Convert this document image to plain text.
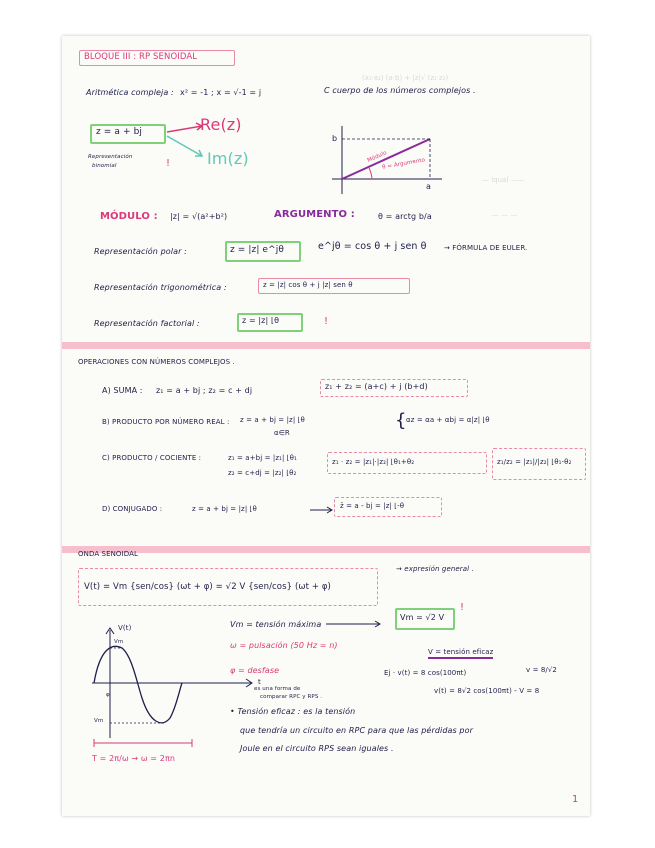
(x₁·x₂) (a·b) + |z|√ (z₁·z₂)
— lqual ——
— — —
BLOQUE III : RP SENOIDAL
Aritmética compleja : x² = -1 ; x = √-1 = j	C cuerpo de los números complejos .
z = a + bj	Re(z)
Im(z)
Representación
binomial	!
b
a
Módulo
θ = Argumento
MÓDULO : |z| = √(a²+b²)	ARGUMENTO :	θ = arctg b/a
Representación polar :	z = |z| e^jθ	e^jθ = cos θ + j sen θ → FÓRMULA DE EULER.
Representación trigonométrica :	z = |z| cos θ + j |z| sen θ
Representación factorial :	z = |z| ⌊θ	!
OPERACIONES CON NÚMEROS COMPLEJOS .
A) SUMA : z₁ = a + bj ; z₂ = c + dj	z₁ + z₂ = (a+c) + j (b+d)
B) PRODUCTO POR NÚMERO REAL : z = a + bj = |z| ⌊θ
α∈R
{ αz = αa + αbj = α|z| ⌊θ
C) PRODUCTO / COCIENTE :	z₁ = a+bj = |z₁| ⌊θ₁
z₂ = c+dj = |z₂| ⌊θ₂
z₁ · z₂ = |z₁|·|z₂| ⌊θ₁+θ₂	z₁/z₂ = |z₁|/|z₂| ⌊θ₁-θ₂
D) CONJUGADO :	z = a + bj = |z| ⌊θ	z̄ = a - bj = |z| ⌊-θ
ONDA SENOIDAL
V(t) = Vm {sen/cos} (ωt + φ) = √2 V {sen/cos} (ωt + φ)
→ expresión general .
V(t)
t
Vm
Vm
φ
T = 2π/ω → ω = 2πn
Vm = tensión máxima
Vm = √2 V
!
ω = pulsación (50 Hz = n)
φ = desfase
es una forma de
comparar RPC y RPS .
V = tensión eficaz
Ej · v(t) = 8 cos(100πt)	v = 8/√2
v(t) = 8√2 cos(100πt) - V = 8
• Tensión eficaz : es la tensión
que tendría un circuito en RPC para que las pérdidas por
Joule en el circuito RPS sean iguales .
1
